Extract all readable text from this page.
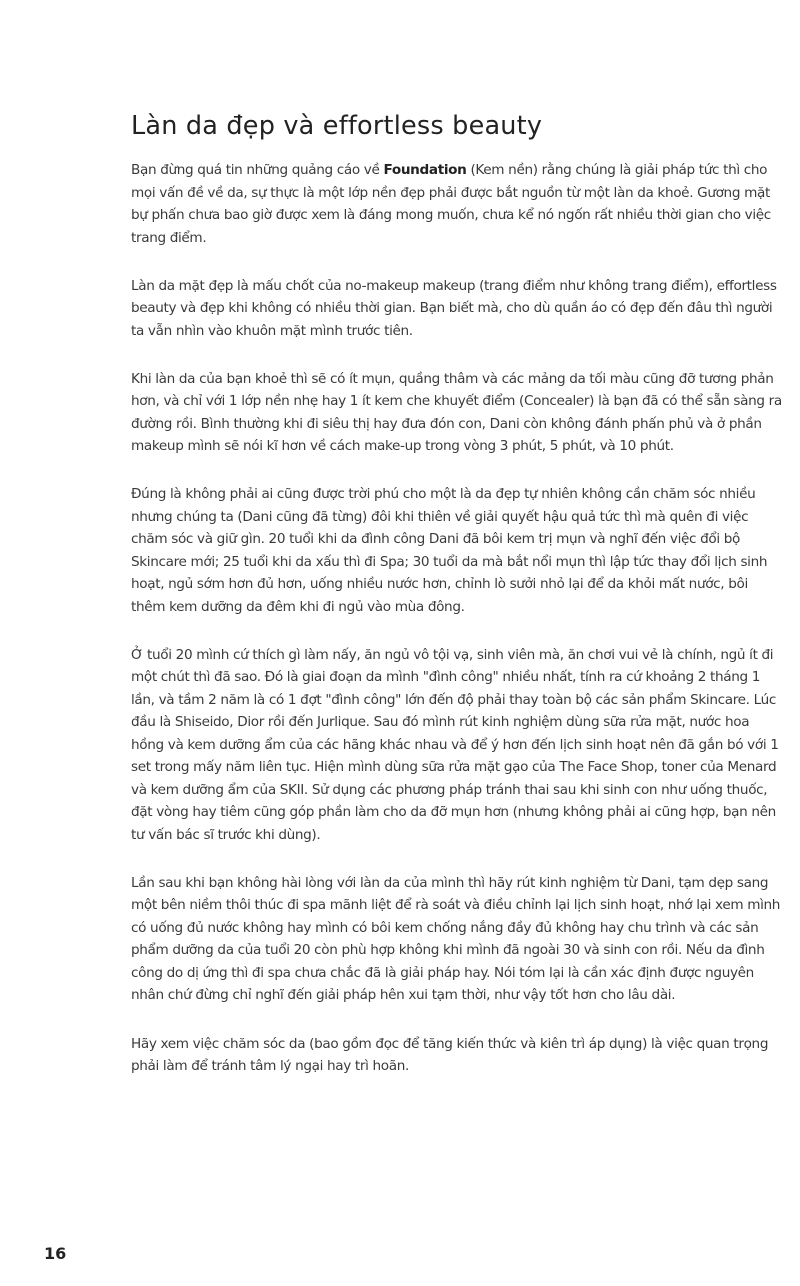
Làn da đẹp và effortless beauty

Bạn đừng quá tin những quảng cáo về Foundation (Kem nền) rằng chúng là giải pháp tức thì cho mọi vấn đề về da, sự thực là một lớp nền đẹp phải được bắt nguồn từ một làn da khoẻ. Gương mặt bự phấn chưa bao giờ được xem là đáng mong muốn, chưa kể nó ngốn rất nhiều thời gian cho việc trang điểm.

Làn da mặt đẹp là mấu chốt của no-makeup makeup (trang điểm như không trang điểm), effortless beauty và đẹp khi không có nhiều thời gian. Bạn biết mà, cho dù quần áo có đẹp đến đâu thì người ta vẫn nhìn vào khuôn mặt mình trước tiên.

Khi làn da của bạn khoẻ thì sẽ có ít mụn, quầng thâm và các mảng da tối màu cũng đỡ tương phản hơn, và chỉ với 1 lớp nền nhẹ hay 1 ít kem che khuyết điểm (Concealer) là bạn đã có thể sẵn sàng ra đường rồi. Bình thường khi đi siêu thị hay đưa đón con, Dani còn không đánh phấn phủ và ở phần makeup mình sẽ nói kĩ hơn về cách make-up trong vòng 3 phút, 5 phút, và 10 phút.

Đúng là không phải ai cũng được trời phú cho một là da đẹp tự nhiên không cần chăm sóc nhiều nhưng chúng ta (Dani cũng đã từng) đôi khi thiên về giải quyết hậu quả tức thì mà quên đi việc chăm sóc và giữ gìn. 20 tuổi khi da đình công Dani đã bôi kem trị mụn và nghĩ đến việc đổi bộ Skincare mới; 25 tuổi khi da xấu thì đi Spa; 30 tuổi da mà bắt nổi mụn thì lập tức thay đổi lịch sinh hoạt, ngủ sớm hơn đủ hơn, uống nhiều nước hơn, chỉnh lò sưởi nhỏ lại để da khỏi mất nước, bôi thêm kem dưỡng da đêm khi đi ngủ vào mùa đông.

Ở tuổi 20 mình cứ thích gì làm nấy, ăn ngủ vô tội vạ, sinh viên mà, ăn chơi vui vẻ là chính, ngủ ít đi một chút thì đã sao. Đó là giai đoạn da mình "đình công" nhiều nhất, tính ra cứ khoảng 2 tháng 1 lần, và tầm 2 năm là có 1 đợt "đình công" lớn đến độ phải thay toàn bộ các sản phẩm Skincare. Lúc đầu là Shiseido, Dior rồi đến Jurlique. Sau đó mình rút kinh nghiệm dùng sữa rửa mặt, nước hoa hồng và kem dưỡng ẩm của các hãng khác nhau và để ý hơn đến lịch sinh hoạt nên đã gắn bó với 1 set trong mấy năm liên tục. Hiện mình dùng sữa rửa mặt gạo của The Face Shop, toner của Menard và kem dưỡng ẩm của SKII. Sử dụng các phương pháp tránh thai sau khi sinh con như uống thuốc, đặt vòng hay tiêm cũng góp phần làm cho da đỡ mụn hơn (nhưng không phải ai cũng hợp, bạn nên tư vấn bác sĩ trước khi dùng).

Lần sau khi bạn không hài lòng với làn da của mình thì hãy rút kinh nghiệm từ Dani, tạm dẹp sang một bên niềm thôi thúc đi spa mãnh liệt để rà soát và điều chỉnh lại lịch sinh hoạt, nhớ lại xem mình có uống đủ nước không hay mình có bôi kem chống nắng đầy đủ không hay chu trình và các sản phẩm dưỡng da của tuổi 20 còn phù hợp không khi mình đã ngoài 30 và sinh con rồi. Nếu da đình công do dị ứng thì đi spa chưa chắc đã là giải pháp hay. Nói tóm lại là cần xác định được nguyên nhân chứ đừng chỉ nghĩ đến giải pháp hên xui tạm thời, như vậy tốt hơn cho lâu dài.

Hãy xem việc chăm sóc da (bao gồm đọc để tăng kiến thức và kiên trì áp dụng) là việc quan trọng phải làm để tránh tâm lý ngại hay trì hoãn.

16
